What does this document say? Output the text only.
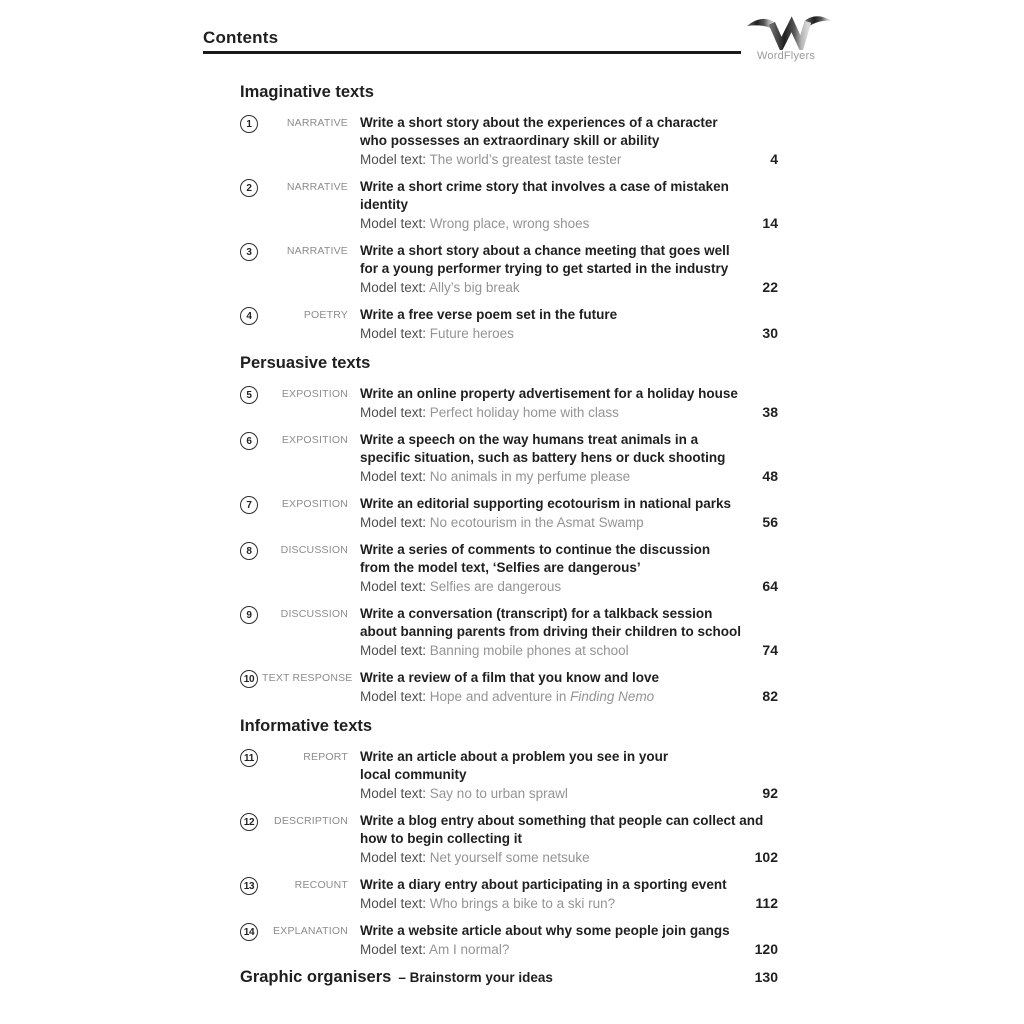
Contents
WordFlyers
Imaginative texts
1	NARRATIVE Write a short story about the experiences of a character
who possesses an extraordinary skill or ability
Model text: The world’s greatest taste tester	4
2	NARRATIVE Write a short crime story that involves a case of mistaken
identity
Model text: Wrong place, wrong shoes	14
3	NARRATIVE Write a short story about a chance meeting that goes well
for a young performer trying to get started in the industry
Model text: Ally’s big break	22
4	POETRY Write a free verse poem set in the future
Model text: Future heroes	30
Persuasive texts
5	EXPOSITION Write an online property advertisement for a holiday house
Model text: Perfect holiday home with class	38
6	EXPOSITION Write a speech on the way humans treat animals in a
specific situation, such as battery hens or duck shooting
Model text: No animals in my perfume please	48
7	EXPOSITION Write an editorial supporting ecotourism in national parks
Model text: No ecotourism in the Asmat Swamp	56
8	DISCUSSION Write a series of comments to continue the discussion
from the model text, ‘Selfies are dangerous’
Model text: Selfies are dangerous	64
9	DISCUSSION Write a conversation (transcript) for a talkback session
about banning parents from driving their children to school
Model text: Banning mobile phones at school	74
10 TEXT RESPONSE Write a review of a film that you know and love
Model text: Hope and adventure in Finding Nemo	82
Informative texts
11	REPORT Write an article about a problem you see in your
local community
Model text: Say no to urban sprawl	92
12	DESCRIPTION Write a blog entry about something that people can collect and
how to begin collecting it
Model text: Net yourself some netsuke	102
13	RECOUNT Write a diary entry about participating in a sporting event
Model text: Who brings a bike to a ski run?	112
14	EXPLANATION Write a website article about why some people join gangs
Model text: Am I normal?	120
Graphic organisers – Brainstorm your ideas	130
